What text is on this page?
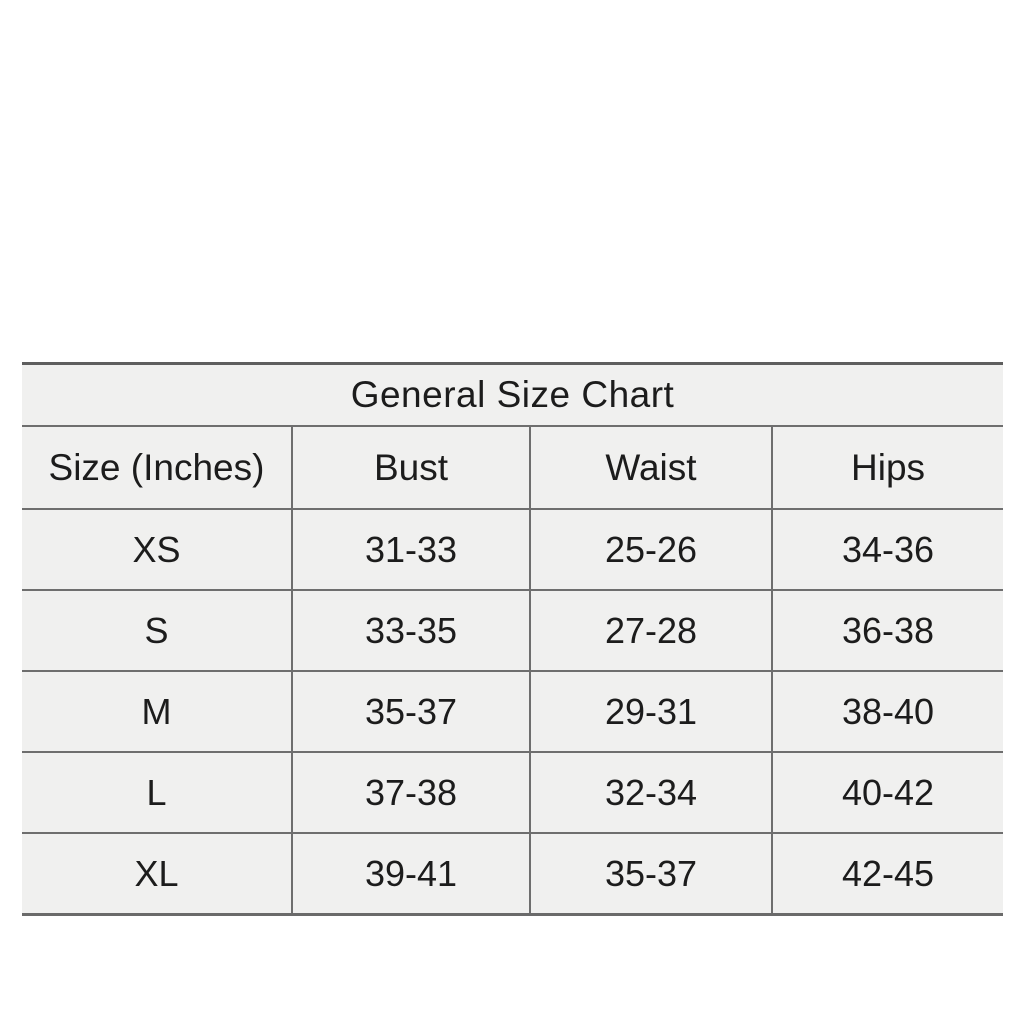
General Size Chart			
Size (Inches)	Bust	Waist	Hips
XS	31-33	25-26	34-36
S	33-35	27-28	36-38
M	35-37	29-31	38-40
L	37-38	32-34	40-42
XL	39-41	35-37	42-45
